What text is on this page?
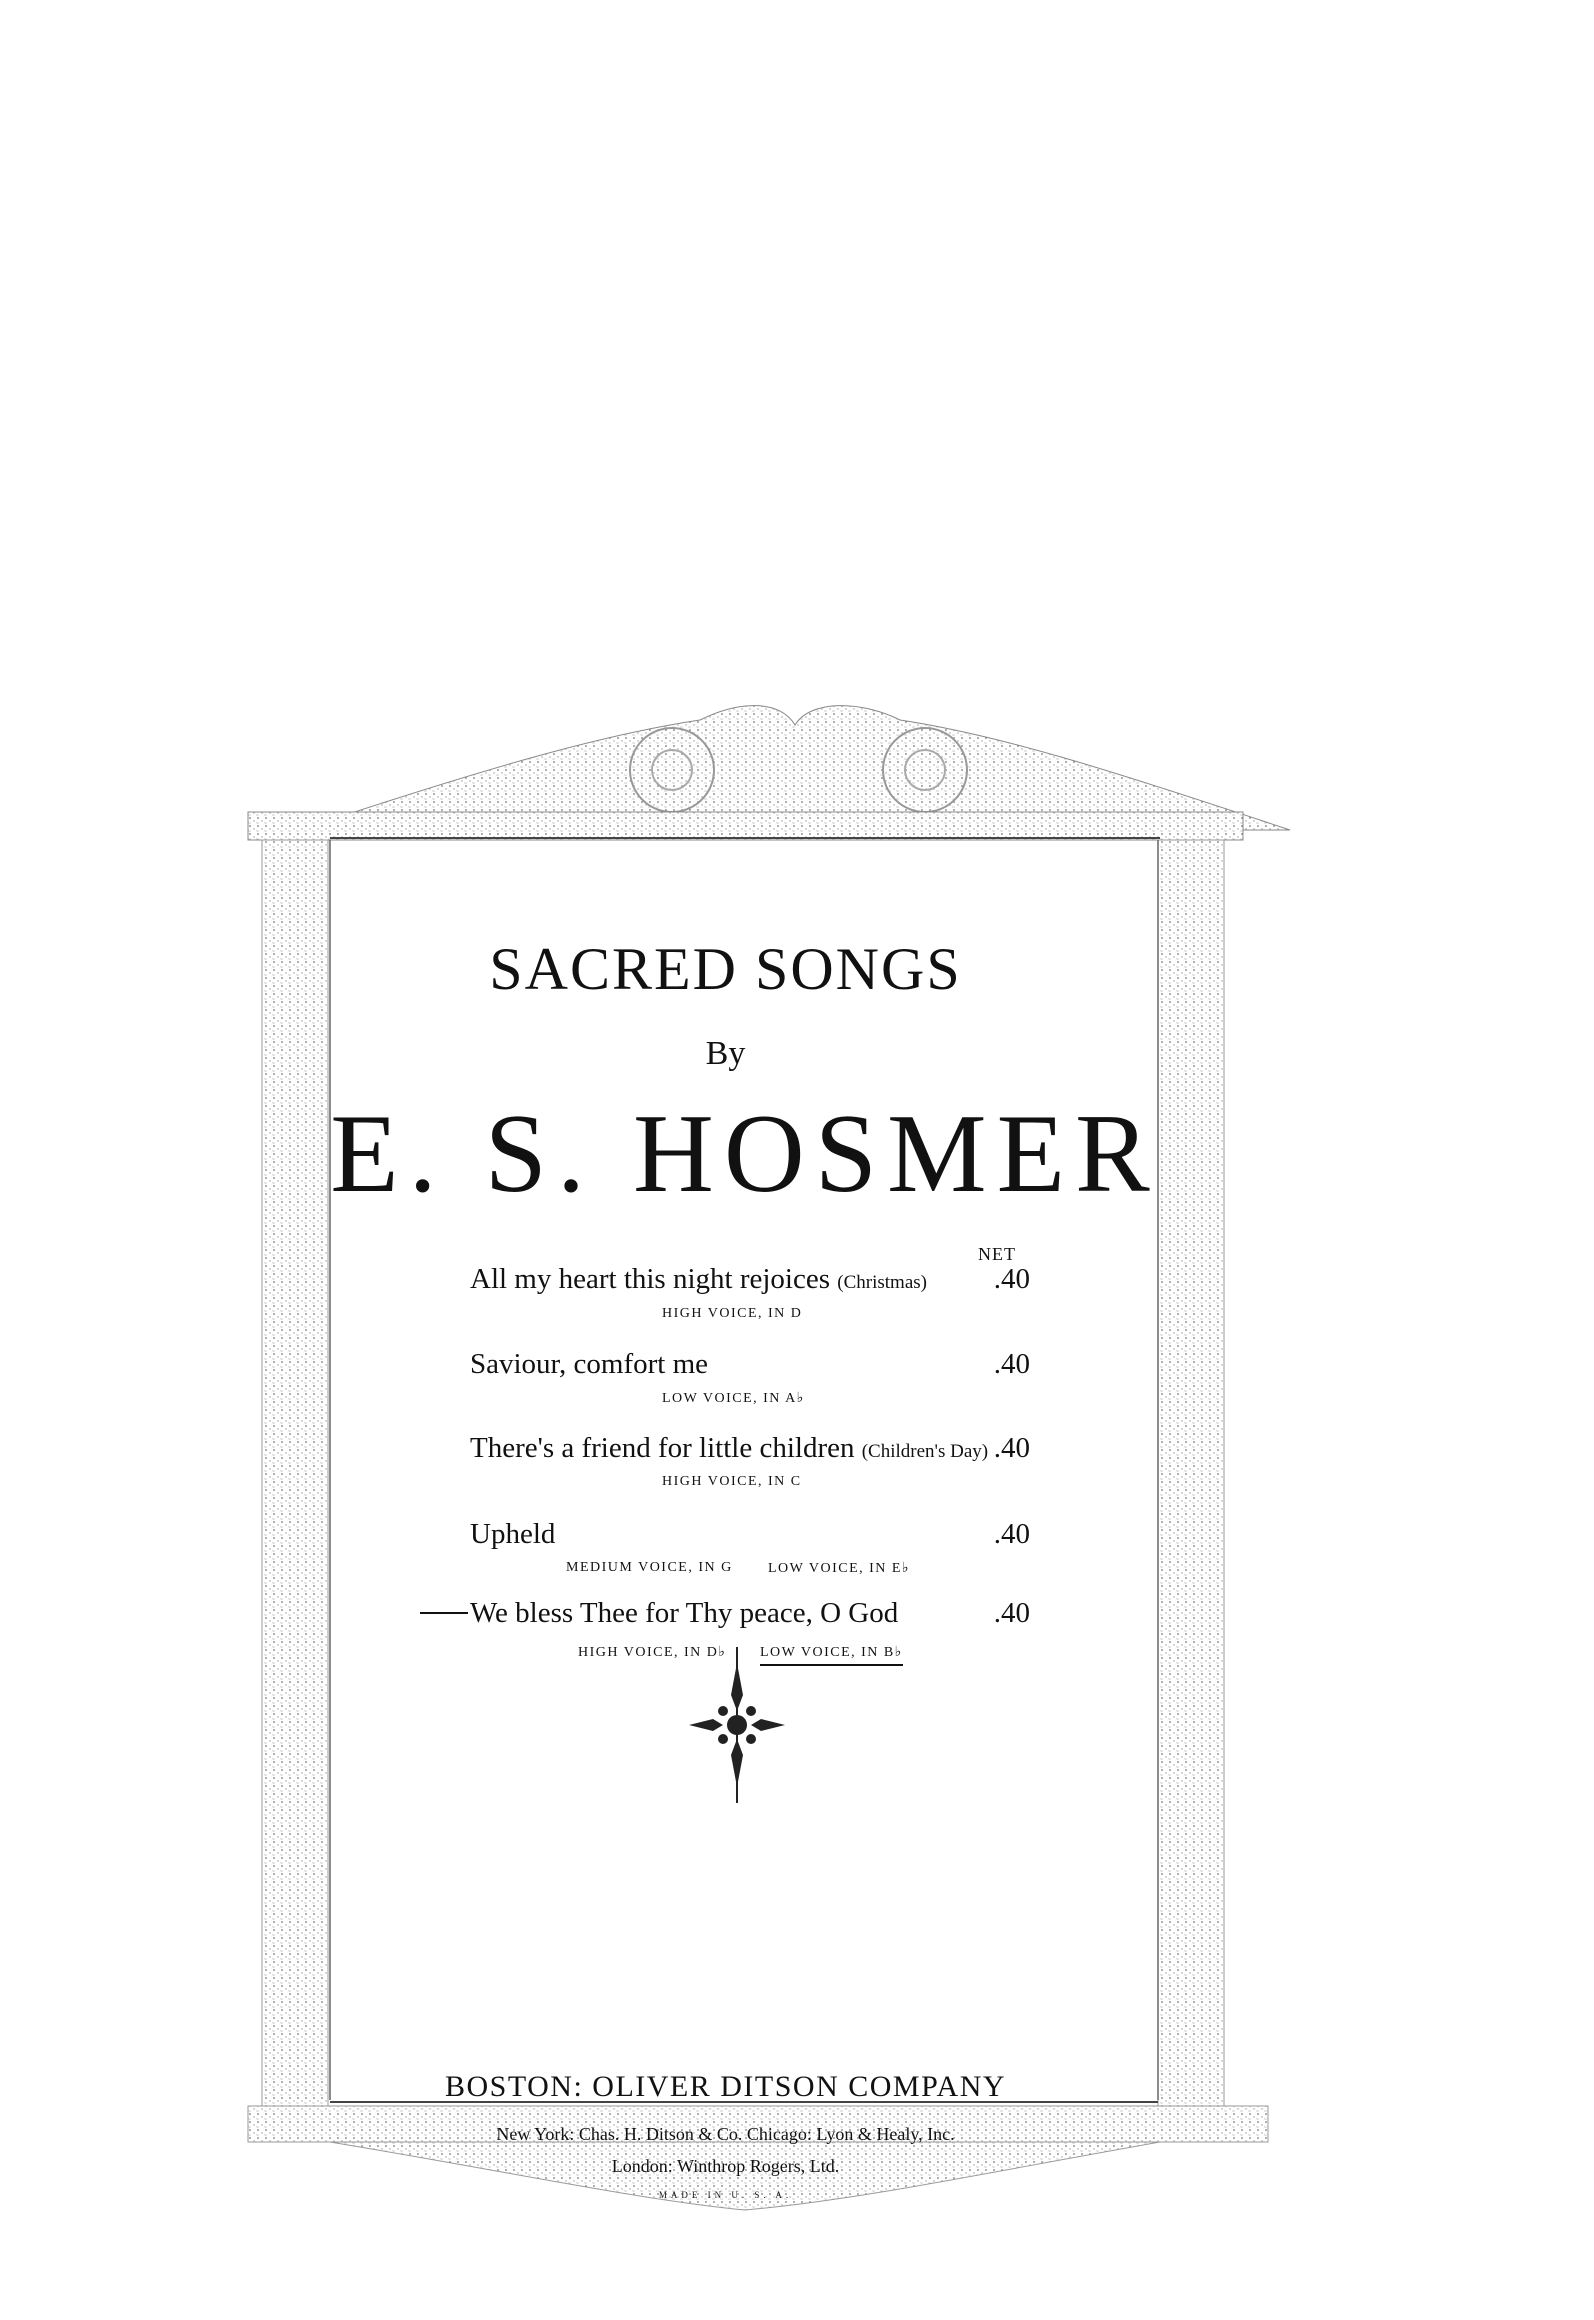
SACRED SONGS
By
E. S. HOSMER
NET
All my heart this night rejoices (Christmas)	.40
HIGH VOICE, IN D
Saviour, comfort me	.40
LOW VOICE, IN A♭
There's a friend for little children (Children's Day) .40
HIGH VOICE, IN C
Upheld	.40
MEDIUM VOICE, IN G	LOW VOICE, IN E♭
We bless Thee for Thy peace, O God	.40
HIGH VOICE, IN D♭ LOW VOICE, IN B♭
BOSTON: OLIVER DITSON COMPANY
New York: Chas. H. Ditson & Co. Chicago: Lyon & Healy, Inc.
London: Winthrop Rogers, Ltd.
MADE IN U. S. A.
